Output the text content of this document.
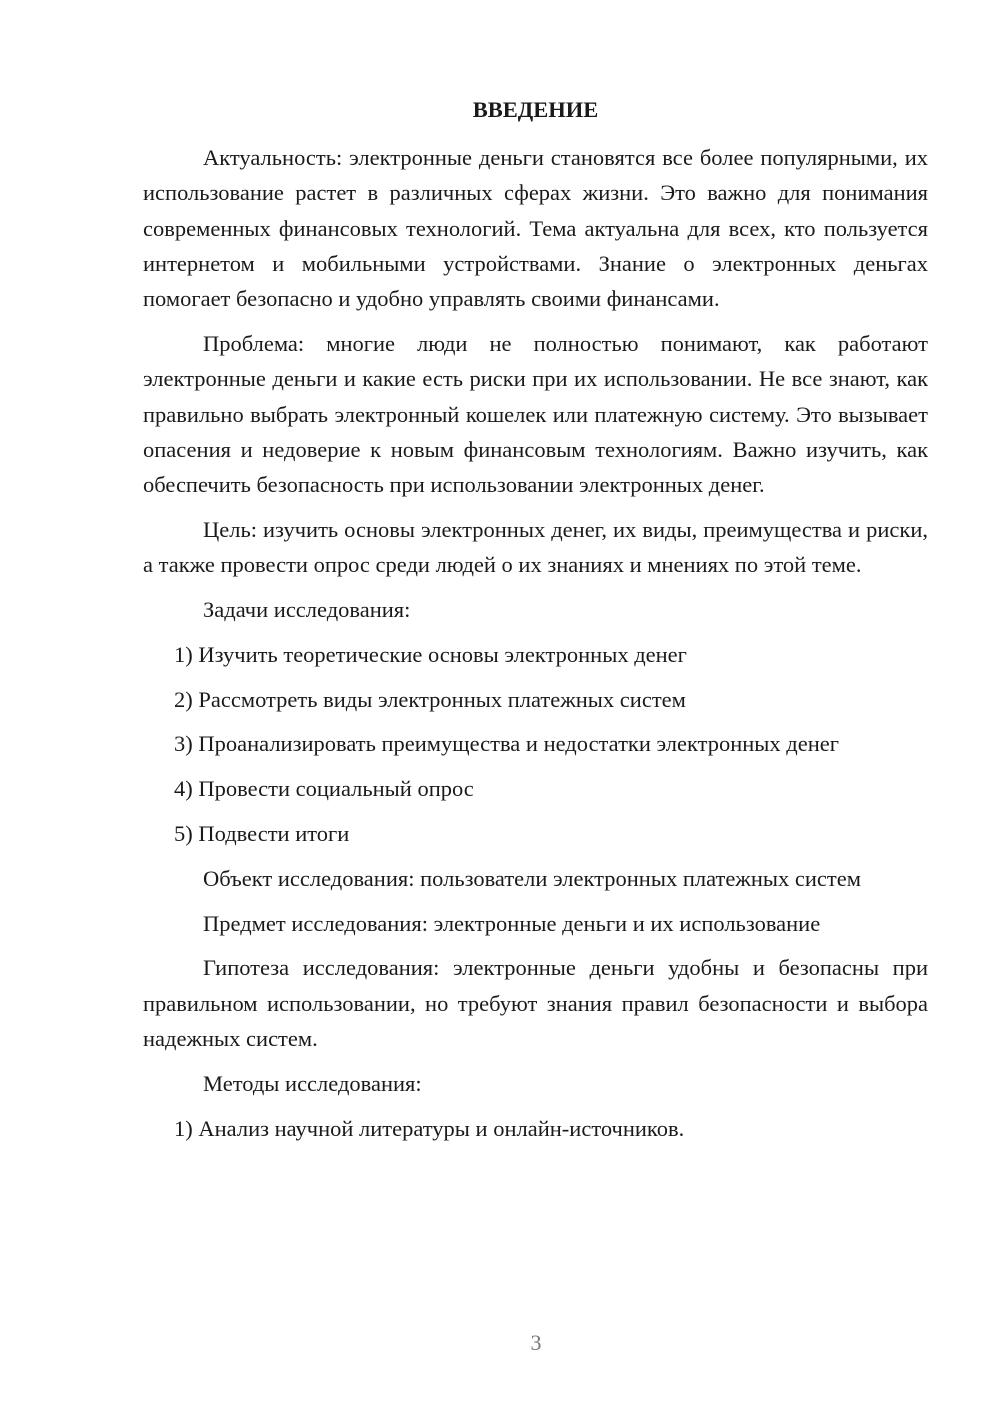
ВВЕДЕНИЕ

Актуальность: электронные деньги становятся все более популярными, их использование растет в различных сферах жизни. Это важно для понимания современных финансовых технологий. Тема актуальна для всех, кто пользуется интернетом и мобильными устройствами. Знание о электронных деньгах помогает безопасно и удобно управлять своими финансами.

Проблема: многие люди не полностью понимают, как работают электронные деньги и какие есть риски при их использовании. Не все знают, как правильно выбрать электронный кошелек или платежную систему. Это вызывает опасения и недоверие к новым финансовым технологиям. Важно изучить, как обеспечить безопасность при использовании электронных денег.

Цель: изучить основы электронных денег, их виды, преимущества и риски, а также провести опрос среди людей о их знаниях и мнениях по этой теме.

Задачи исследования:

1) Изучить теоретические основы электронных денег

2) Рассмотреть виды электронных платежных систем

3) Проанализировать преимущества и недостатки электронных денег

4) Провести социальный опрос

5) Подвести итоги

Объект исследования: пользователи электронных платежных систем

Предмет исследования: электронные деньги и их использование

Гипотеза исследования: электронные деньги удобны и безопасны при правильном использовании, но требуют знания правил безопасности и выбора надежных систем.

Методы исследования:

1) Анализ научной литературы и онлайн-источников.

3
